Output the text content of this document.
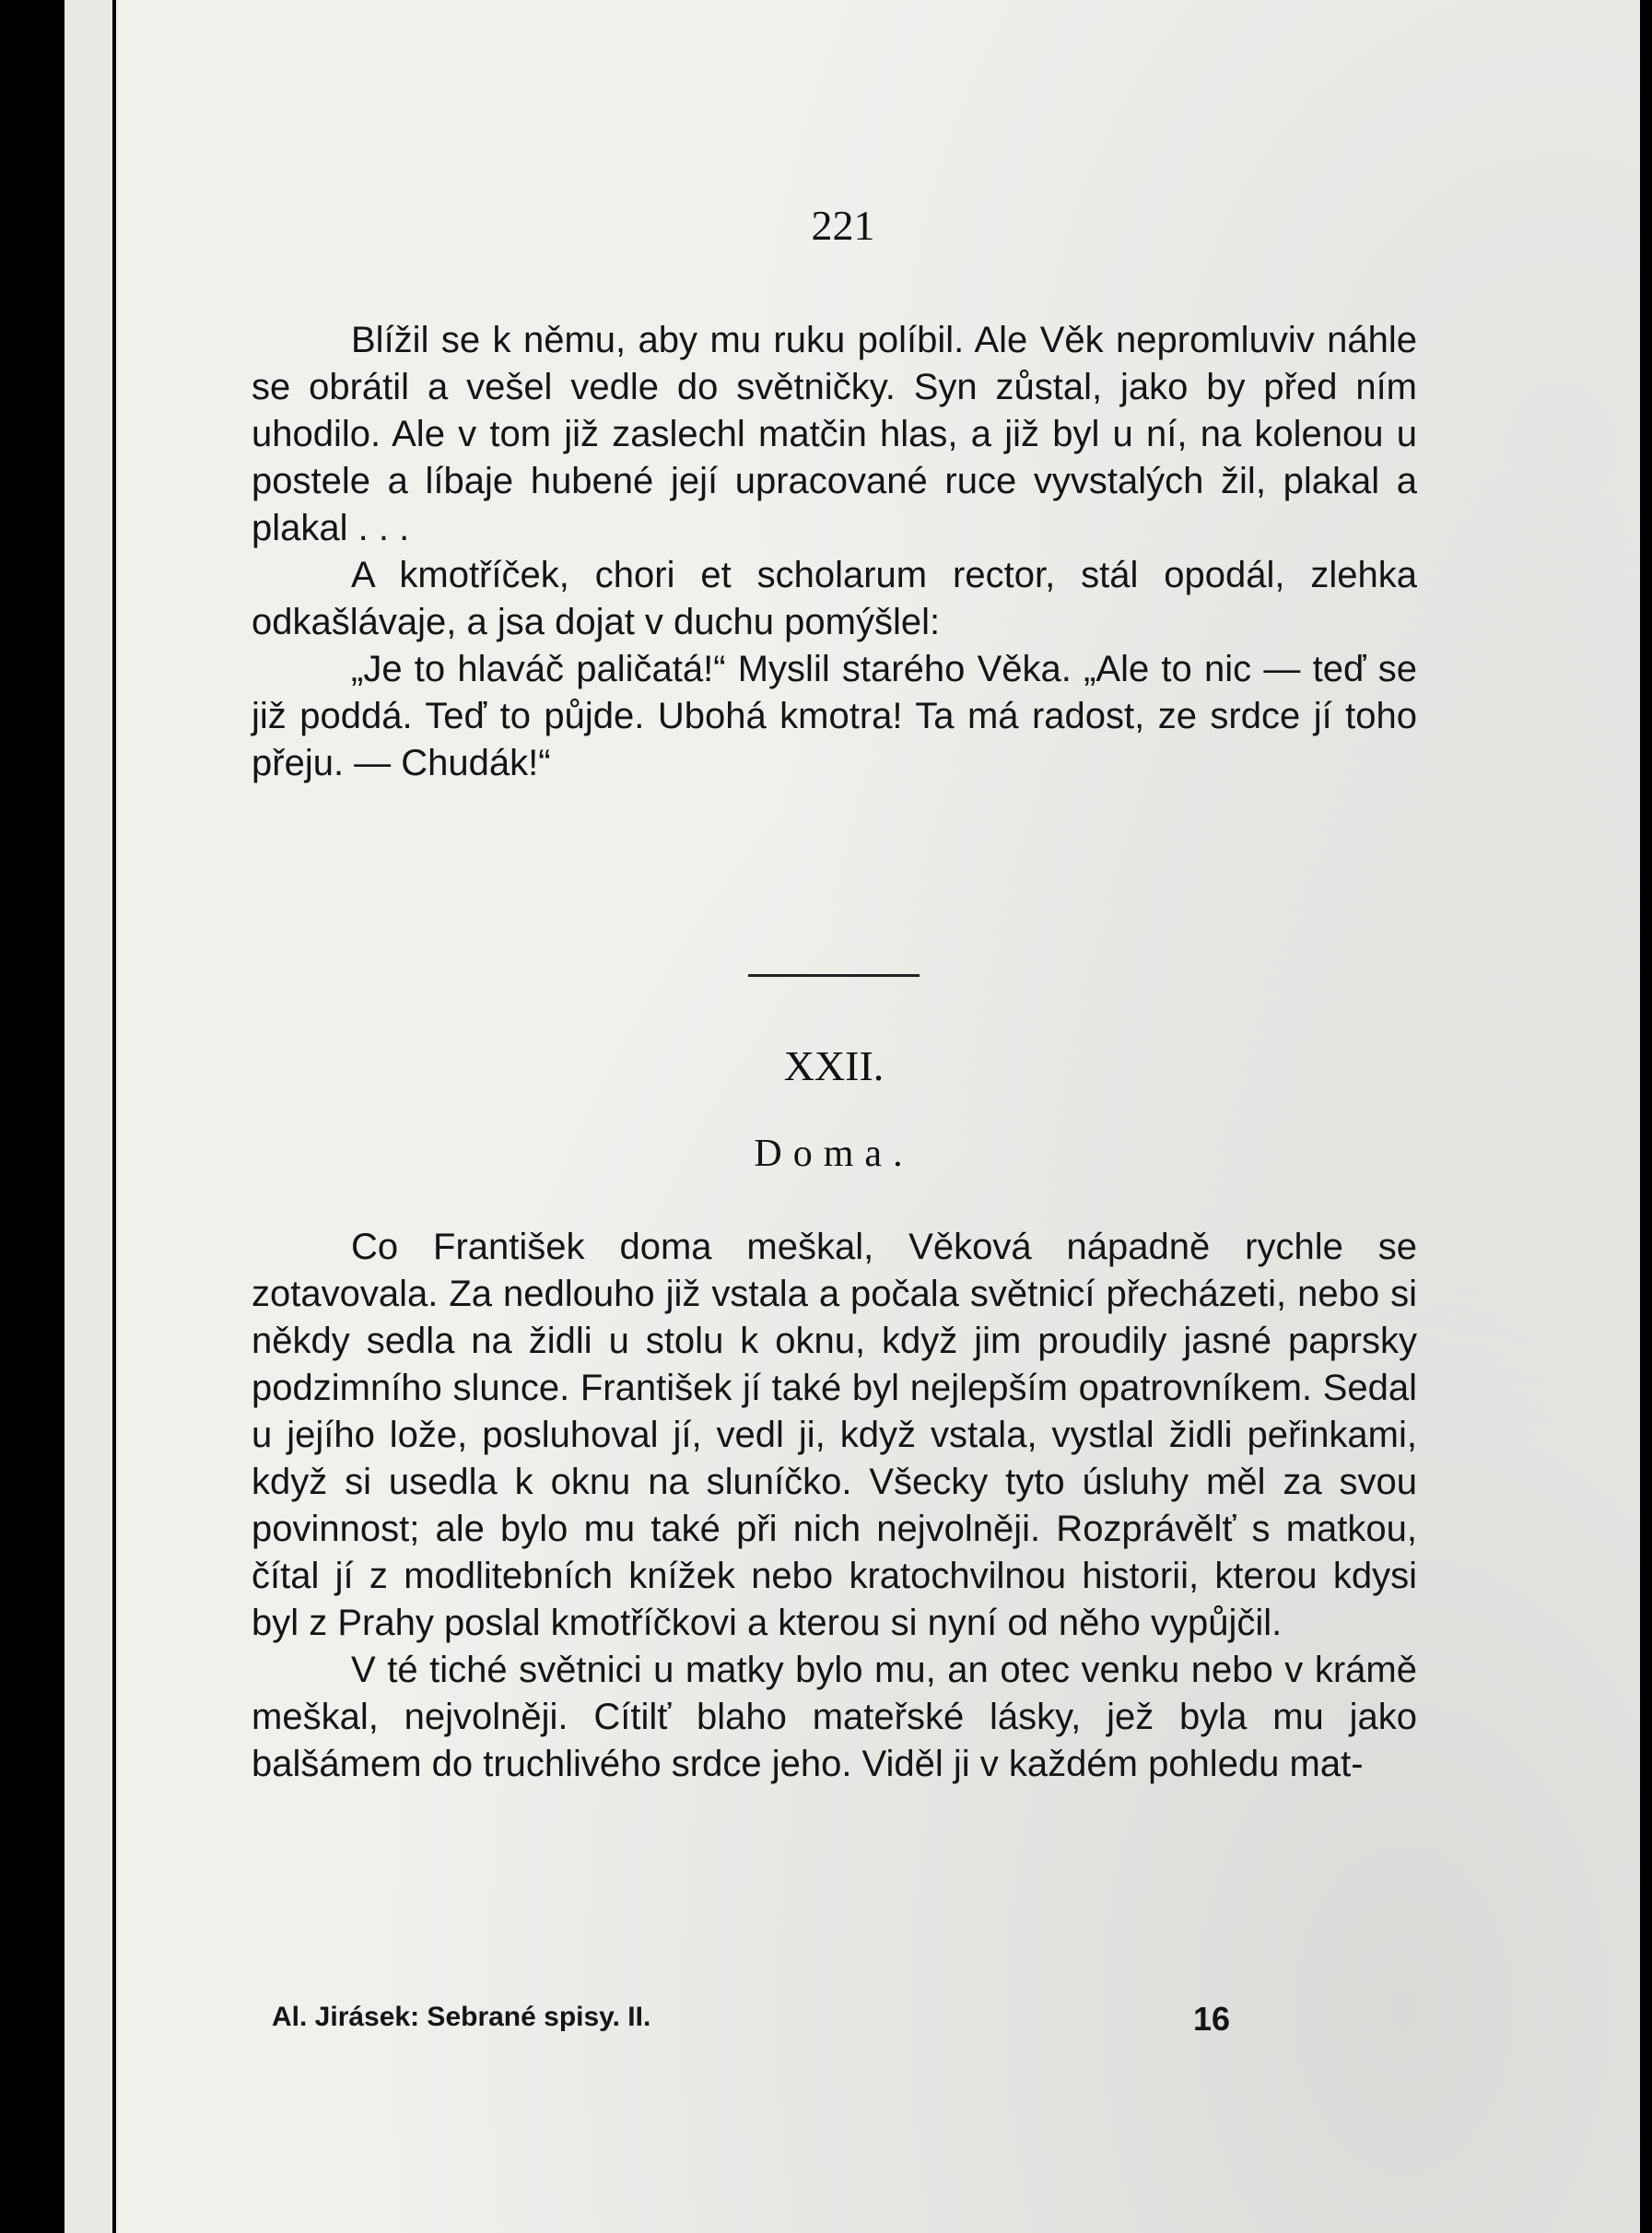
221

Blížil se k němu, aby mu ruku políbil. Ale Věk nepromluviv náhle se obrátil a vešel vedle do světničky. Syn zůstal, jako by před ním uhodilo. Ale v tom již zaslechl matčin hlas, a již byl u ní, na kolenou u postele a líbaje hubené její upracované ruce vyvstalých žil, plakal a plakal . . .

A kmotříček, chori et scholarum rector, stál opodál, zlehka odkašlávaje, a jsa dojat v duchu pomýšlel:

„Je to hlaváč paličatá!“ Myslil starého Věka. „Ale to nic — teď se již poddá. Teď to půjde. Ubohá kmotra! Ta má radost, ze srdce jí toho přeju. — Chudák!“

XXII.
Doma.

Co František doma meškal, Věková nápadně rychle se zotavovala. Za nedlouho již vstala a počala světnicí přecházeti, nebo si někdy sedla na židli u stolu k oknu, když jim proudily jasné paprsky podzimního slunce. František jí také byl nejlepším opatrovníkem. Sedal u jejího lože, posluhoval jí, vedl ji, když vstala, vystlal židli peřinkami, když si usedla k oknu na sluníčko. Všecky tyto úsluhy měl za svou povinnost; ale bylo mu také při nich nejvolněji. Rozprávělť s matkou, čítal jí z modlitebních knížek nebo kratochvilnou historii, kterou kdysi byl z Prahy poslal kmotříčkovi a kterou si nyní od něho vypůjčil.

V té tiché světnici u matky bylo mu, an otec venku nebo v krámě meškal, nejvolněji. Cítilť blaho mateřské lásky, jež byla mu jako balšámem do truchlivého srdce jeho. Viděl ji v každém pohledu mat-

Al. Jirásek: Sebrané spisy. II.	16
